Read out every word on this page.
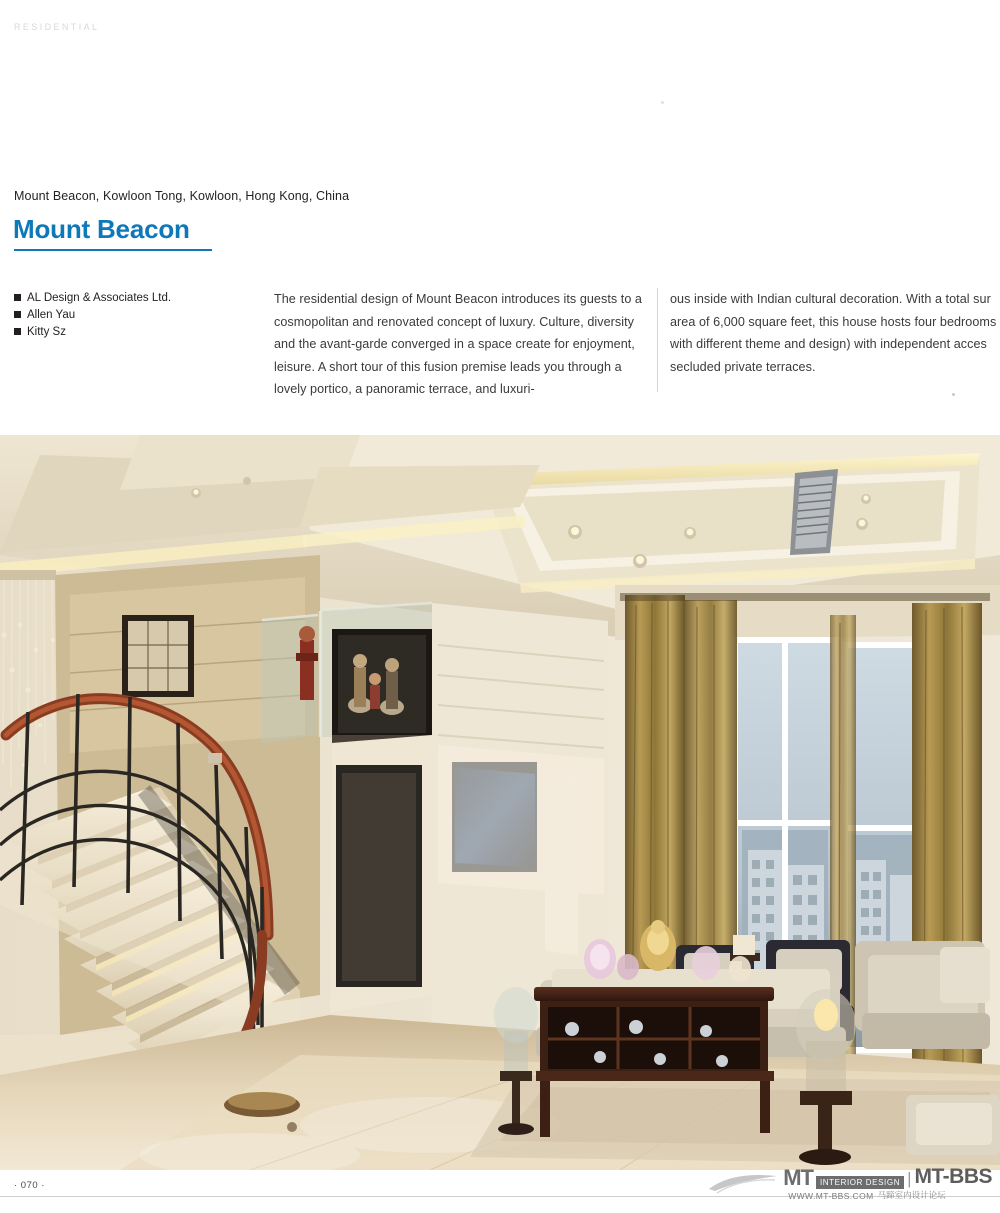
RESIDENTIAL
Mount Beacon, Kowloon Tong, Kowloon, Hong Kong, China
Mount Beacon
AL Design & Associates Ltd.
Allen Yau
Kitty Sz
The residential design of Mount Beacon introduces its guests to a cosmopolitan and renovated concept of luxury. Culture, diversity and the avant-garde converged in a space create for enjoyment, leisure. A short tour of this fusion premise leads you through a lovely portico, a panoramic terrace, and luxuri-
ous inside with Indian cultural decoration. With a total sur area of 6,000 square feet, this house hosts four bedrooms with different theme and design) with independent acces secluded private terraces.
· 070 ·	MT INTERIOR DESIGN | MT-BBS
WWW.MT-BBS.COM 马蹄室内设计论坛
